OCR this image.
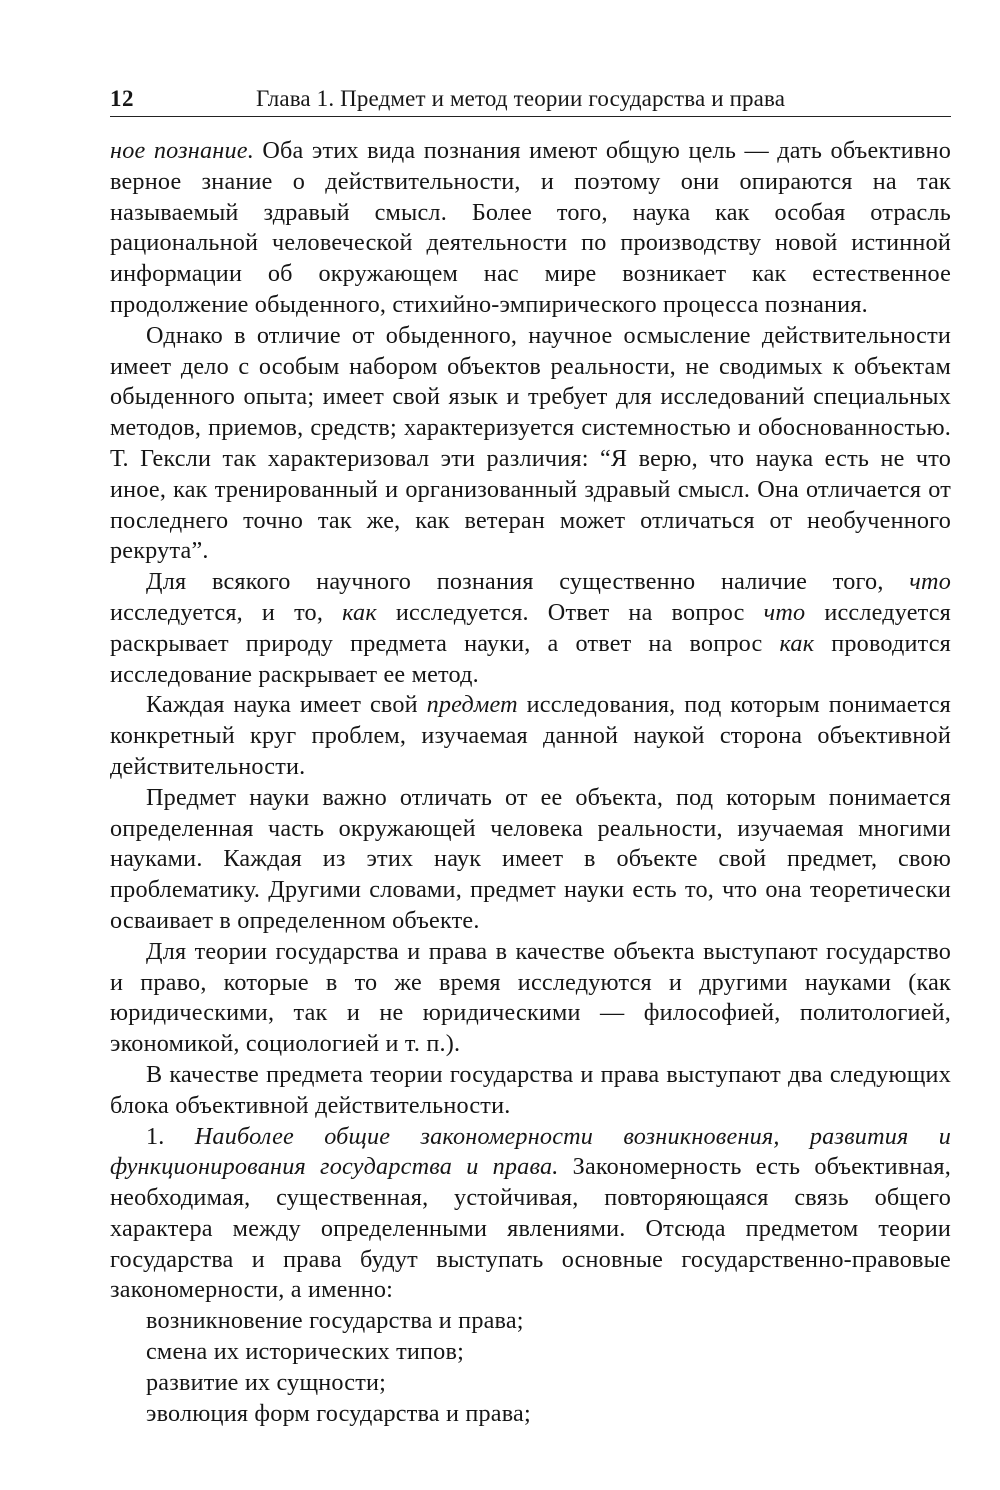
12	Глава 1. Предмет и метод теории государства и права

ное познание. Оба этих вида познания имеют общую цель — дать объективно верное знание о действительности, и поэтому они опираются на так называемый здравый смысл. Более того, наука как особая отрасль рациональной человеческой деятельности по производству новой истинной информации об окружающем нас мире возникает как естественное продолжение обыденного, стихийно-эмпирического процесса познания.

Однако в отличие от обыденного, научное осмысление действительности имеет дело с особым набором объектов реальности, не сводимых к объектам обыденного опыта; имеет свой язык и требует для исследований специальных методов, приемов, средств; характеризуется системностью и обоснованностью. Т. Гексли так характеризовал эти различия: “Я верю, что наука есть не что иное, как тренированный и организованный здравый смысл. Она отличается от последнего точно так же, как ветеран может отличаться от необученного рекрута”.

Для всякого научного познания существенно наличие того, что исследуется, и то, как исследуется. Ответ на вопрос что исследуется раскрывает природу предмета науки, а ответ на вопрос как проводится исследование раскрывает ее метод.

Каждая наука имеет свой предмет исследования, под которым понимается конкретный круг проблем, изучаемая данной наукой сторона объективной действительности.

Предмет науки важно отличать от ее объекта, под которым понимается определенная часть окружающей человека реальности, изучаемая многими науками. Каждая из этих наук имеет в объекте свой предмет, свою проблематику. Другими словами, предмет науки есть то, что она теоретически осваивает в определенном объекте.

Для теории государства и права в качестве объекта выступают государство и право, которые в то же время исследуются и другими науками (как юридическими, так и не юридическими — философией, политологией, экономикой, социологией и т. п.).

В качестве предмета теории государства и права выступают два следующих блока объективной действительности.

1. Наиболее общие закономерности возникновения, развития и функционирования государства и права. Закономерность есть объективная, необходимая, существенная, устойчивая, повторяющаяся связь общего характера между определенными явлениями. Отсюда предметом теории государства и права будут выступать основные государственно-правовые закономерности, а именно:

возникновение государства и права;

смена их исторических типов;

развитие их сущности;

эволюция форм государства и права;
